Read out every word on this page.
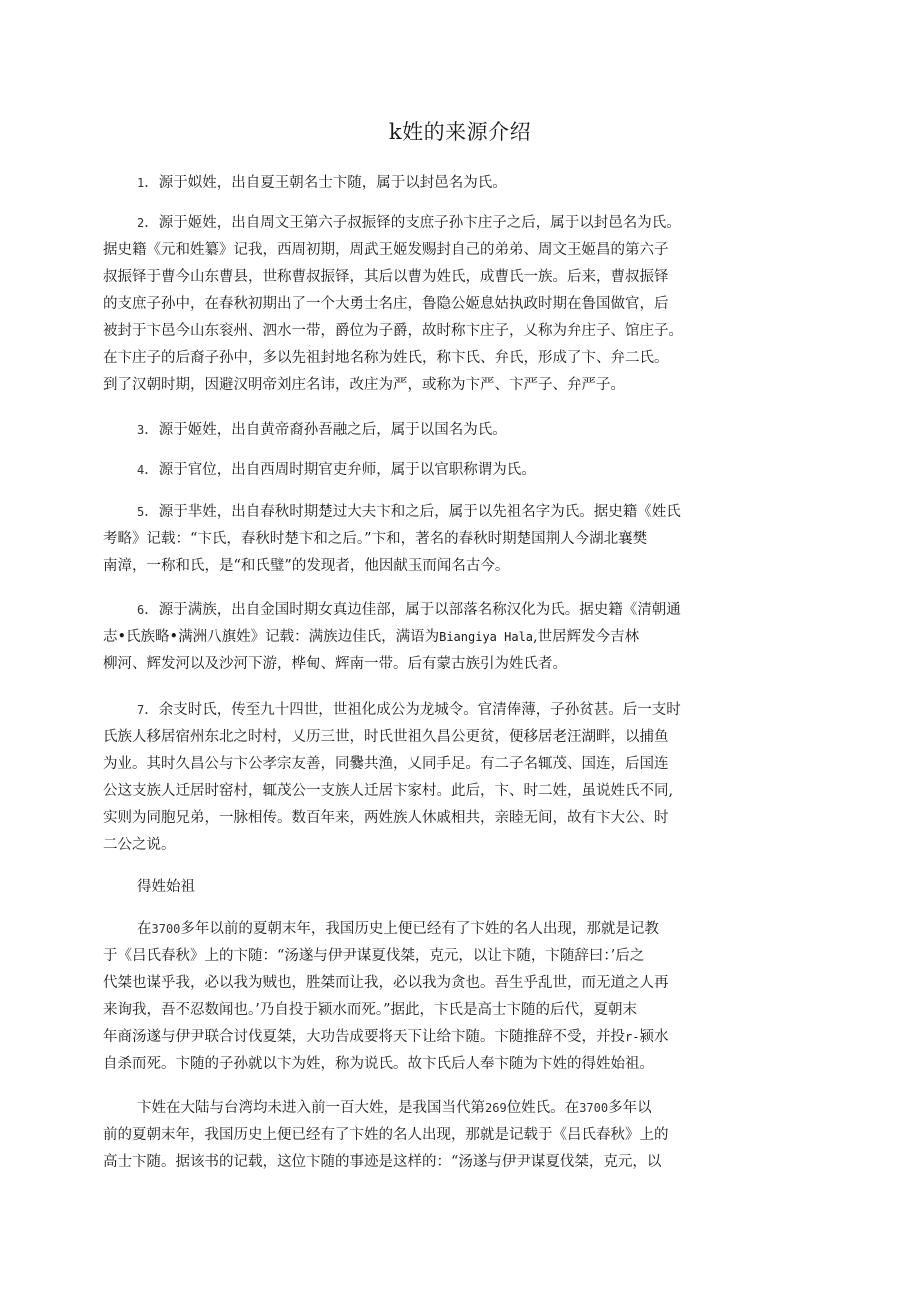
k姓的来源介绍
1．源于姒姓，出自夏王朝名士卞随，属于以封邑名为氏。
2．源于姬姓，出自周文王第六子叔振铎的支庶子孙卞庄子之后，属于以封邑名为氏。
据史籍《元和姓纂》记我，西周初期，周武王姬发赐封自己的弟弟、周文王姬昌的第六子
叔振铎于曹今山东曹县，世称曹叔振铎，其后以曹为姓氏，成曹氏一族。后来，曹叔振铎
的支庶子孙中，在春秋初期出了一个大勇士名庄，鲁隐公姬息姑执政时期在鲁国做官，后
被封于卞邑今山东衮州、泗水一带，爵位为子爵，故时称卞庄子，乂称为弁庄子、馆庄子。
在卞庄子的后裔子孙中，多以先祖封地名称为姓氏，称卞氏、弁氏，形成了卞、弁二氏。
到了汉朝时期，因避汉明帝刘庄名讳，改庄为严，或称为卞严、卞严子、弁严子。
3．源于姬姓，出自黄帝裔孙吾融之后，属于以国名为氏。
4．源于官位，出自西周时期官吏弁师，属于以官职称谓为氏。
5．源于芈姓，出自春秋时期楚过大夫卞和之后，属于以先祖名字为氏。据史籍《姓氏
考略》记载：“卞氏，春秋时楚卞和之后。”卞和，著名的春秋时期楚国荆人今湖北襄樊
南漳，一称和氏，是“和氏璧”的发现者，他因献玉而闻名古今。
6．源于满族，出自金国时期女真边佳部，属于以部落名称汉化为氏。据史籍《清朝通
志•氏族略•满洲八旗姓》记载：满族边佳氏，满语为Biangiya Hala,世居辉发今吉林
柳河、辉发河以及沙河下游，桦甸、辉南一带。后有蒙古族引为姓氏者。
7．余支时氏，传至九十四世，世祖化成公为龙城令。官清俸薄，子孙贫甚。后一支时
氏族人移居宿州东北之时村，乂历三世，时氏世祖久昌公更贫，便移居老汪湖畔，以捕鱼
为业。其时久昌公与卞公孝宗友善，同爨共渔，乂同手足。有二子名辄茂、国连，后国连
公这支族人迁居时窑村，辄茂公一支族人迁居卞家村。此后，卞、时二姓，虽说姓氏不同,
实则为同胞兄弟，一脉相传。数百年来，两姓族人休戚相共，亲睦无间，故有卞大公、时
二公之说。
得姓始祖
在3700多年以前的夏朝末年，我国历史上便已经有了卞姓的名人出现，那就是记教
于《吕氏春秋》上的卞随：“汤遂与伊尹谋夏伐桀，克元，以让卞随，卞随辞曰：’后之
代桀也谋乎我，必以我为贼也，胜桀而让我，必以我为贪也。吾生乎乱世，而无道之人再
来询我，吾不忍数闻也。’乃自投于颍水而死。”据此，卞氏是高士卞随的后代，夏朝末
年商汤遂与伊尹联合讨伐夏桀，大功告成要将天下让给卞随。卞随推辞不受，并投r-颍水
自杀而死。卞随的子孙就以卞为姓，称为说氏。故卞氏后人奉卞随为卞姓的得姓始祖。
卞姓在大陆与台湾均未进入前一百大姓，是我国当代第269位姓氏。在3700多年以
前的夏朝末年，我国历史上便已经有了卞姓的名人出现，那就是记载于《吕氏春秋》上的
高士卞随。据该书的记载，这位卞随的事迹是这样的：“汤遂与伊尹谋夏伐桀，克元，以
